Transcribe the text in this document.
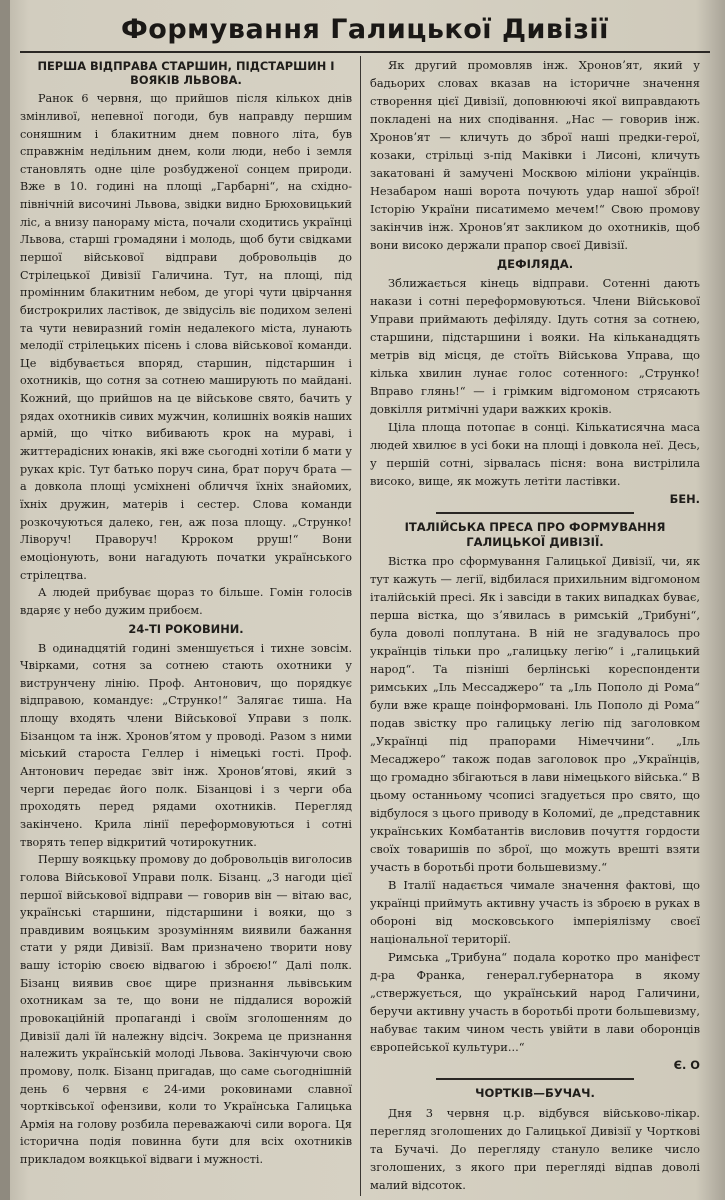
Формування Галицької Дивізії
ПЕРША ВІДПРАВА СТАРШИН, ПІДСТАРШИН І ВОЯКІВ ЛЬВОВА.

Ранок 6 червня, що прийшов після кількох днів змінливої, непевної погоди, був направду першим соняшним і блакитним днем повного літа, був справжнім недільним днем, коли люди, небо і земля становлять одне ціле розбудженої сонцем природи. Вже в 10. годині на площі „Гарбарні“, на східно-північній височині Львова, звідки видно Брюховицький ліс, а внизу панораму міста, почали сходитись українці Львова, старші громадяни і молодь, щоб бути свідками першої військової відправи добровольців до Стрілецької Дивізії Галичина. Тут, на площі, під промінним блакитним небом, де угорі чути цвірчання бистрокрилих ластівок, де звідусіль віє подихом зелені та чути невиразний гомін недалекого міста, лунають мелодії стрілецьких пісень і слова військової команди. Це відбувається впоряд, старшин, підстаршин і охотників, що сотня за сотнею маширують по майдані. Кожний, що прийшов на це військове свято, бачить у рядах охотників сивих мужчин, колишніх вояків наших армій, що чітко вибивають крок на мураві, і життерадісних юнаків, які вже сьогодні хотіли б мати у руках кріс. Тут батько поруч сина, брат поруч брата — а довкола площі усміхнені обличчя їхніх знайомих, їхніх дружин, матерів і сестер. Слова команди розкочуються далеко, ген, аж поза площу. „Струнко! Ліворуч! Праворуч! Крроком рруш!“ Вони емоціонують, вони нагадують початки українського стрілецтва.

А людей прибуває щораз то більше. Гомін голосів вдаряє у небо дужим прибоєм.

24-ТІ РОКОВИНИ.

В одинадцятій годині зменшується і тихне зовсім. Чвірками, сотня за сотнею стають охотники у виструнчену лінію. Проф. Антонович, що порядкує відправою, командує: „Струнко!“ Залягає тиша. На площу входять члени Військової Управи з полк. Бізанцом та інж. Хроновʼятом у проводі. Разом з ними міський староста Геллер і німецькі гості. Проф. Антонович передає звіт інж. Хроновʼятові, який з черги передає його полк. Бізанцові і з черги оба проходять перед рядами охотників. Перегляд закінчено. Крила лінії переформовуються і сотні творять тепер відкритий чотирокутник.

Першу воякцьку промову до добровольців виголосив голова Військової Управи полк. Бізанц. „З нагоди цієї першої військової відправи — говорив він — вітаю вас, українські старшини, підстаршини і вояки, що з правдивим вояцьким зрозумінням виявили бажання стати у ряди Дивізії. Вам призначено творити нову вашу історію своєю відвагою і зброєю!“ Далі полк. Бізанц виявив своє щире признання львівським охотникам за те, що вони не піддалися ворожій провокаційній пропаганді і своїм зголошенням до Дивізії далі їй належну відсіч. Зокрема це признання належить українській молоді Львова. Закінчуючи свою промову, полк. Бізанц пригадав, що саме сьогоднішній день 6 червня є 24-ими роковинами славної чортківської офензиви, коли то Українська Галицька Армія на голову розбила переважаючі сили ворога. Ця історична подія повинна бути для всіх охотників прикладом воякцької відваги і мужності.

Як другий промовляв інж. Хроновʼят, який у бадьорих словах вказав на історичне значення створення цієї Дивізії, доповнюючі якої виправдають покладені на них сподівання. „Нас — говорив інж. Хроновʼят — кличуть до зброї наші предки-герої, козаки, стрільці з-під Маківки і Лисоні, кличуть закатовані й замучені Москвою міліони українців. Незабаром наші ворота почують удар нашої зброї! Історію України писатимемо мечем!“ Свою промову закінчив інж. Хроновʼят закликом до охотників, щоб вони високо держали прапор своєї Дивізії.

ДЕФІЛЯДА.

Зближається кінець відправи. Сотенні дають накази і сотні переформовуються. Члени Військової Управи приймають дефіляду. Ідуть сотня за сотнею, старшини, підстаршини і вояки. На кільканадцять метрів від місця, де стоїть Військова Управа, що кілька хвилин лунає голос сотенного: „Струнко! Вправо глянь!“ — і грімким відгомоном стрясають довкілля ритмічні удари важких кроків.

Ціла площа потопає в сонці. Кількатисячна маса людей хвилює в усі боки на площі і довкола неї. Десь, у першій сотні, зірвалась пісня: вона вистрілила високо, вище, як можуть летіти ластівки.

БЕН.
ІТАЛІЙСЬКА ПРЕСА ПРО ФОРМУВАННЯ ГАЛИЦЬКОЇ ДИВІЗІЇ.

Вістка про сформування Галицької Дивізії, чи, як тут кажуть — легії, відбилася прихильним відгомоном італійській пресі. Як і завсіди в таких випадках буває, перша вістка, що зʼявилась в римській „Трибуні“, була доволі поплутана. В ній не згадувалось про українців тільки про „галицьку легію“ і „галицький народ“. Та пізніші берлінські кореспонденти римських „Іль Мессаджеро“ та „Іль Пополо ді Рома“ були вже краще поінформовані. Іль Пополо ді Рома“ подав звістку про галицьку легію під заголовком „Українці під прапорами Німеччини“. „Іль Месаджеро“ також подав заголовок про „Українців, що громадно збігаються в лави німецького війська.“ В цьому останньому чсописі згадується про свято, що відбулося з цього приводу в Коломиї, де „представник українських Комбатантів висловив почуття гордости своїх товаришів по зброї, що можуть врешті взяти участь в боротьбі проти большевизму.“

В Італії надається чимале значення фактові, що українці приймуть активну участь із зброєю в руках в обороні від московського імперіялізму своєї національної території.

Римська „Трибуна“ подала коротко про маніфест д-ра Франка, генерал.губернатора в якому „ствержується, що український народ Галичини, беручи активну участь в боротьбі проти большевизму, набуває таким чином честь увійти в лави оборонців європейської культури...“

Є. О
ЧОРТКІВ—БУЧАЧ.

Дня 3 червня ц.р. відбувся військово-лікар. перегляд зголошених до Галицької Дивізії у Чорткові та Бучачі. До перегляду стануло велике число зголошених, з якого при перегляді відпав доволі малий відсоток.
